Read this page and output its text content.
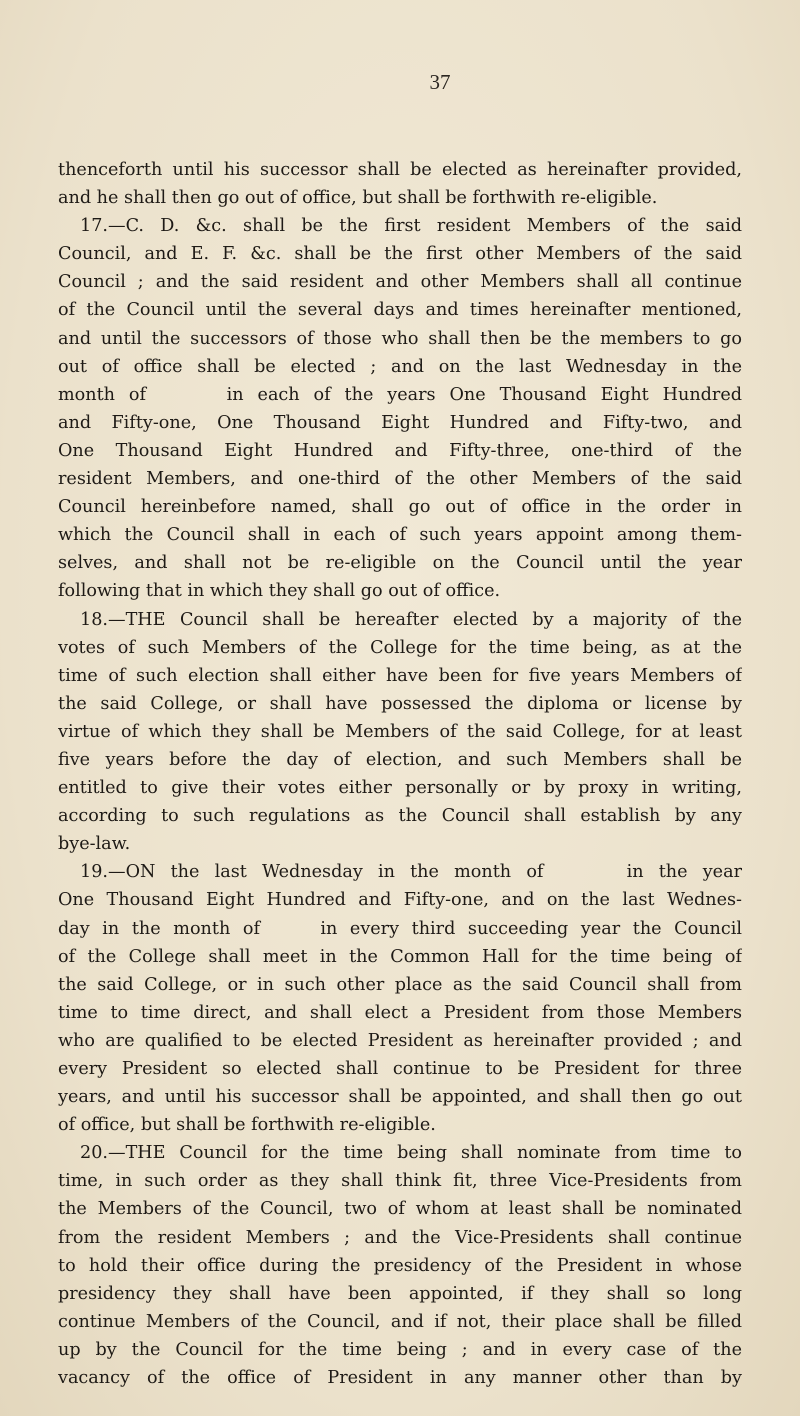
37
thenceforth until his successor shall be elected as hereinafter provided,
and he shall then go out of office, but shall be forthwith re-eligible.
17.—C. D. &c. shall be the first resident Members of the said
Council, and E. F. &c. shall be the first other Members of the said
Council ; and the said resident and other Members shall all continue
of the Council until the several days and times hereinafter mentioned,
and until the successors of those who shall then be the members to go
out of office shall be elected ; and on the last Wednesday in the
month of     in each of the years One Thousand Eight Hundred
and Fifty-one, One Thousand Eight Hundred and Fifty-two, and
One Thousand Eight Hundred and Fifty-three, one-third of the
resident Members, and one-third of the other Members of the said
Council hereinbefore named, shall go out of office in the order in
which the Council shall in each of such years appoint among them-
selves, and shall not be re-eligible on the Council until the year
following that in which they shall go out of office.
18.—THE Council shall be hereafter elected by a majority of the
votes of such Members of the College for the time being, as at the
time of such election shall either have been for five years Members of
the said College, or shall have possessed the diploma or license by
virtue of which they shall be Members of the said College, for at least
five years before the day of election, and such Members shall be
entitled to give their votes either personally or by proxy in writing,
according to such regulations as the Council shall establish by any
bye-law.
19.—ON the last Wednesday in the month of     in the year
One Thousand Eight Hundred and Fifty-one, and on the last Wednes-
day in the month of    in every third succeeding year the Council
of the College shall meet in the Common Hall for the time being of
the said College, or in such other place as the said Council shall from
time to time direct, and shall elect a President from those Members
who are qualified to be elected President as hereinafter provided ; and
every President so elected shall continue to be President for three
years, and until his successor shall be appointed, and shall then go out
of office, but shall be forthwith re-eligible.
20.—THE Council for the time being shall nominate from time to
time, in such order as they shall think fit, three Vice-Presidents from
the Members of the Council, two of whom at least shall be nominated
from the resident Members ; and the Vice-Presidents shall continue
to hold their office during the presidency of the President in whose
presidency they shall have been appointed, if they shall so long
continue Members of the Council, and if not, their place shall be filled
up by the Council for the time being ; and in every case of the
vacancy of the office of President in any manner other than by
